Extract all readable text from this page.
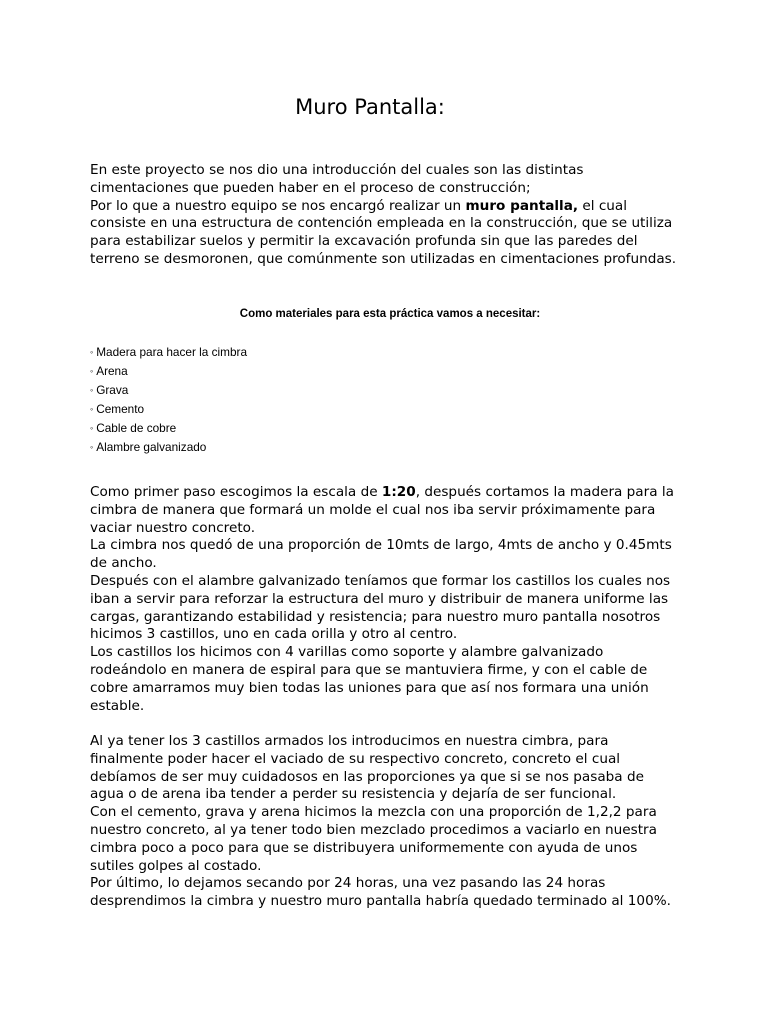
Muro Pantalla:

En este proyecto se nos dio una introducción del cuales son las distintas cimentaciones que pueden haber en el proceso de construcción;

Por lo que a nuestro equipo se nos encargó realizar un muro pantalla, el cual consiste en una estructura de contención empleada en la construcción, que se utiliza para estabilizar suelos y permitir la excavación profunda sin que las paredes del terreno se desmoronen, que comúnmente son utilizadas en cimentaciones profundas.

Como materiales para esta práctica vamos a necesitar:
◦ Madera para hacer la cimbra
◦ Arena
◦ Grava
◦ Cemento
◦ Cable de cobre
◦ Alambre galvanizado

Como primer paso escogimos la escala de 1:20, después cortamos la madera para la cimbra de manera que formará un molde el cual nos iba servir próximamente para vaciar nuestro concreto.

La cimbra nos quedó de una proporción de 10mts de largo, 4mts de ancho y 0.45mts de ancho.

Después con el alambre galvanizado teníamos que formar los castillos los cuales nos iban a servir para reforzar la estructura del muro y distribuir de manera uniforme las cargas, garantizando estabilidad y resistencia; para nuestro muro pantalla nosotros hicimos 3 castillos, uno en cada orilla y otro al centro.

Los castillos los hicimos con 4 varillas como soporte y alambre galvanizado rodeándolo en manera de espiral para que se mantuviera firme, y con el cable de cobre amarramos muy bien todas las uniones para que así nos formara una unión estable.

Al ya tener los 3 castillos armados los introducimos en nuestra cimbra, para finalmente poder hacer el vaciado de su respectivo concreto, concreto el cual debíamos de ser muy cuidadosos en las proporciones ya que si se nos pasaba de agua o de arena iba tender a perder su resistencia y dejaría de ser funcional.

Con el cemento, grava y arena hicimos la mezcla con una proporción de 1,2,2 para nuestro concreto, al ya tener todo bien mezclado procedimos a vaciarlo en nuestra cimbra poco a poco para que se distribuyera uniformemente con ayuda de unos sutiles golpes al costado.

Por último, lo dejamos secando por 24 horas, una vez pasando las 24 horas desprendimos la cimbra y nuestro muro pantalla habría quedado terminado al 100%.
